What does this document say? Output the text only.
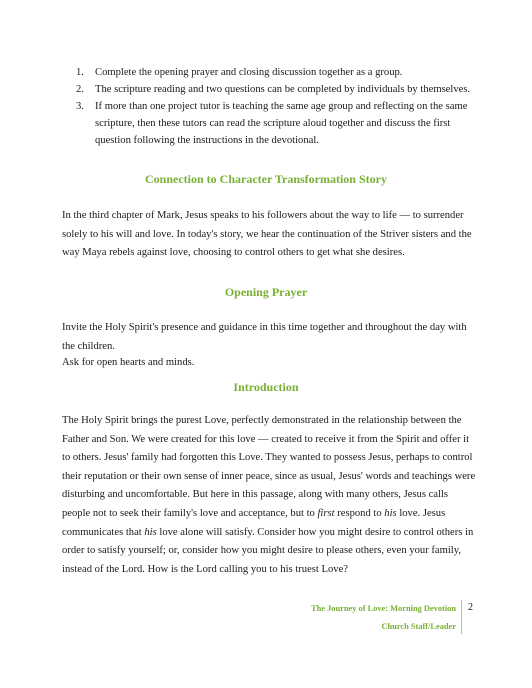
1. Complete the opening prayer and closing discussion together as a group.
2. The scripture reading and two questions can be completed by individuals by themselves.
3. If more than one project tutor is teaching the same age group and reflecting on the same scripture, then these tutors can read the scripture aloud together and discuss the first question following the instructions in the devotional.
Connection to Character Transformation Story

In the third chapter of Mark, Jesus speaks to his followers about the way to life — to surrender solely to his will and love. In today's story, we hear the continuation of the Striver sisters and the way Maya rebels against love, choosing to control others to get what she desires.

Opening Prayer

Invite the Holy Spirit's presence and guidance in this time together and throughout the day with the children.

Ask for open hearts and minds.

Introduction

The Holy Spirit brings the purest Love, perfectly demonstrated in the relationship between the Father and Son. We were created for this love — created to receive it from the Spirit and offer it to others. Jesus' family had forgotten this Love. They wanted to possess Jesus, perhaps to control their reputation or their own sense of inner peace, since as usual, Jesus' words and teachings were disturbing and uncomfortable. But here in this passage, along with many others, Jesus calls people not to seek their family's love and acceptance, but to first respond to his love. Jesus communicates that his love alone will satisfy. Consider how you might desire to control others in order to satisfy yourself; or, consider how you might desire to please others, even your family, instead of the Lord. How is the Lord calling you to his truest Love?

The Journey of Love: Morning Devotion
Church Staff/Leader
2
